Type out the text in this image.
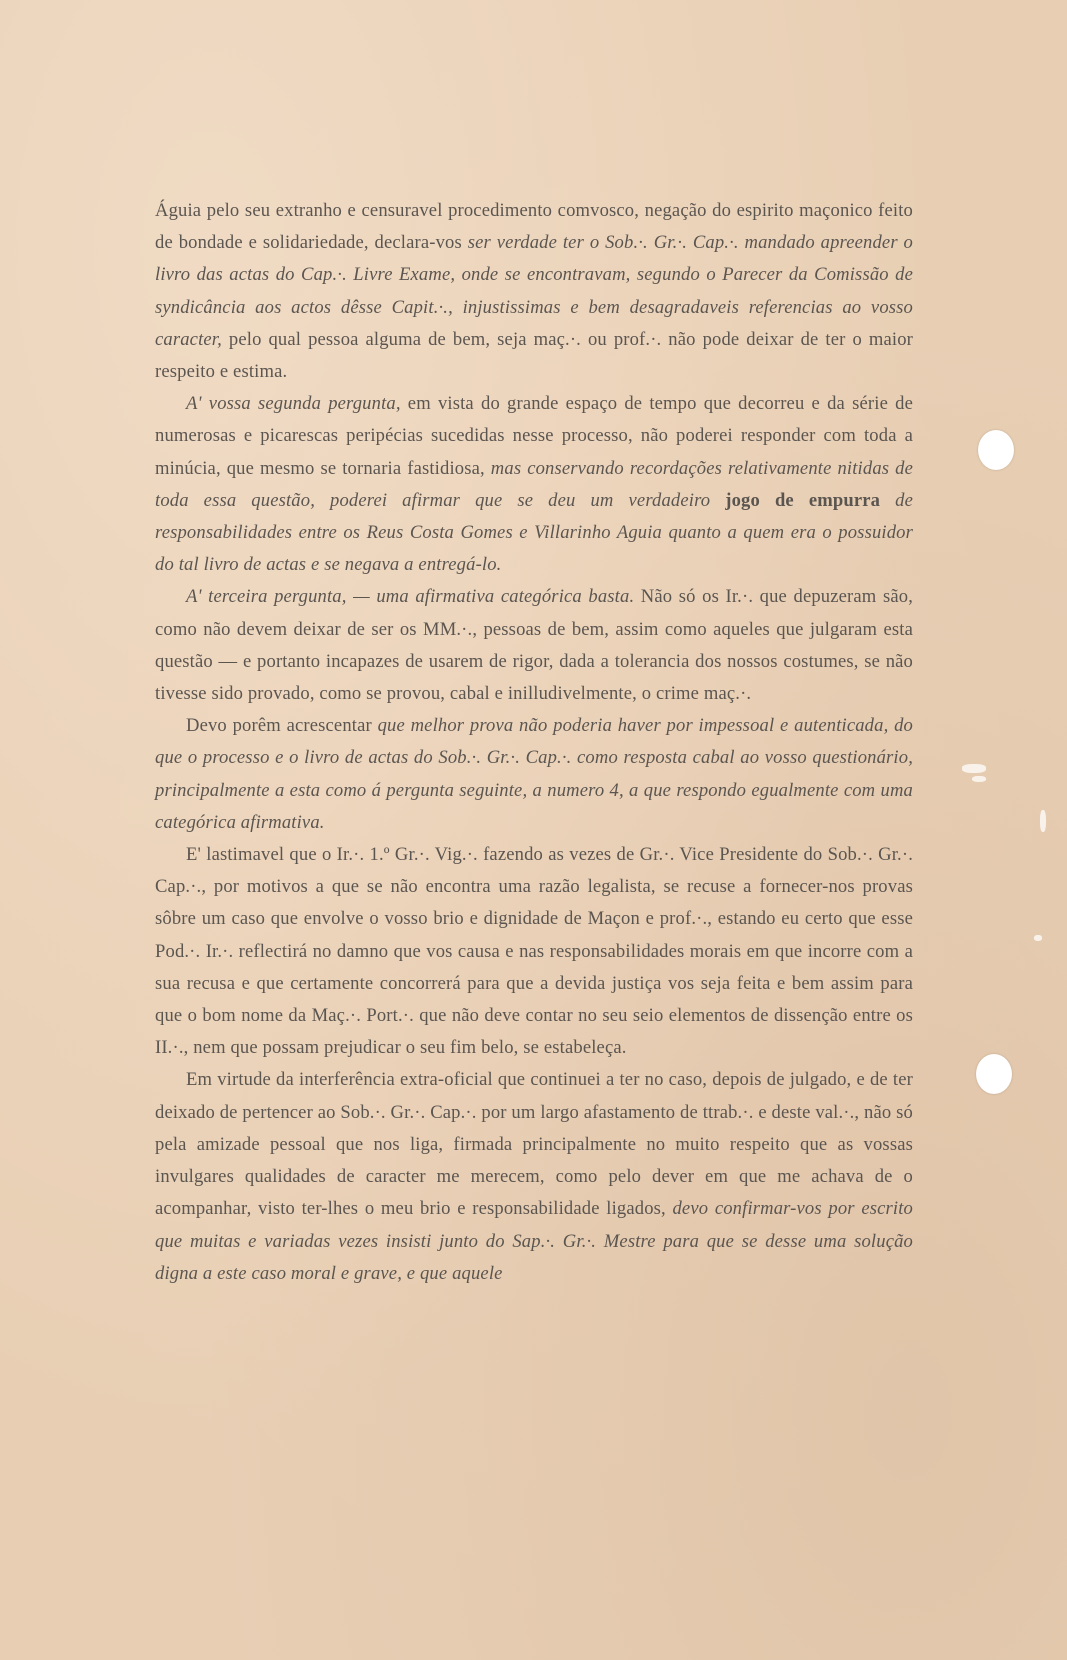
Águia pelo seu extranho e censuravel procedimento comvosco, negação do espirito maçonico feito de bondade e solidariedade, declara-vos ser verdade ter o Sob.·. Gr.·. Cap.·. mandado apreender o livro das actas do Cap.·. Livre Exame, onde se encontravam, segundo o Parecer da Comissão de syndicância aos actos dêsse Capit.·., injustissimas e bem desagradaveis referencias ao vosso caracter, pelo qual pessoa alguma de bem, seja maç.·. ou prof.·. não pode deixar de ter o maior respeito e estima.

A' vossa segunda pergunta, em vista do grande espaço de tempo que decorreu e da série de numerosas e picarescas peripécias sucedidas nesse processo, não poderei responder com toda a minúcia, que mesmo se tornaria fastidiosa, mas conservando recordações relativamente nitidas de toda essa questão, poderei afirmar que se deu um verdadeiro jogo de empurra de responsabilidades entre os Reus Costa Gomes e Villarinho Aguia quanto a quem era o possuidor do tal livro de actas e se negava a entregá-lo.

A' terceira pergunta, — uma afirmativa categórica basta. Não só os Ir.·. que depuzeram são, como não devem deixar de ser os MM.·., pessoas de bem, assim como aqueles que julgaram esta questão — e portanto incapazes de usarem de rigor, dada a tolerancia dos nossos costumes, se não tivesse sido provado, como se provou, cabal e inilludivelmente, o crime maç.·.

Devo porêm acrescentar que melhor prova não poderia haver por impessoal e autenticada, do que o processo e o livro de actas do Sob.·. Gr.·. Cap.·. como resposta cabal ao vosso questionário, principalmente a esta como á pergunta seguinte, a numero 4, a que respondo egualmente com uma categórica afirmativa.

E' lastimavel que o Ir.·. 1.º Gr.·. Vig.·. fazendo as vezes de Gr.·. Vice Presidente do Sob.·. Gr.·. Cap.·., por motivos a que se não encontra uma razão legalista, se recuse a fornecer-nos provas sôbre um caso que envolve o vosso brio e dignidade de Maçon e prof.·., estando eu certo que esse Pod.·. Ir.·. reflectirá no damno que vos causa e nas responsabilidades morais em que incorre com a sua recusa e que certamente concorrerá para que a devida justiça vos seja feita e bem assim para que o bom nome da Maç.·. Port.·. que não deve contar no seu seio elementos de dissenção entre os II.·., nem que possam prejudicar o seu fim belo, se estabeleça.

Em virtude da interferência extra-oficial que continuei a ter no caso, depois de julgado, e de ter deixado de pertencer ao Sob.·. Gr.·. Cap.·. por um largo afastamento de ttrab.·. e deste val.·., não só pela amizade pessoal que nos liga, firmada principalmente no muito respeito que as vossas invulgares qualidades de caracter me merecem, como pelo dever em que me achava de o acompanhar, visto ter-lhes o meu brio e responsabilidade ligados, devo confirmar-vos por escrito que muitas e variadas vezes insisti junto do Sap.·. Gr.·. Mestre para que se desse uma solução digna a este caso moral e grave, e que aquele
